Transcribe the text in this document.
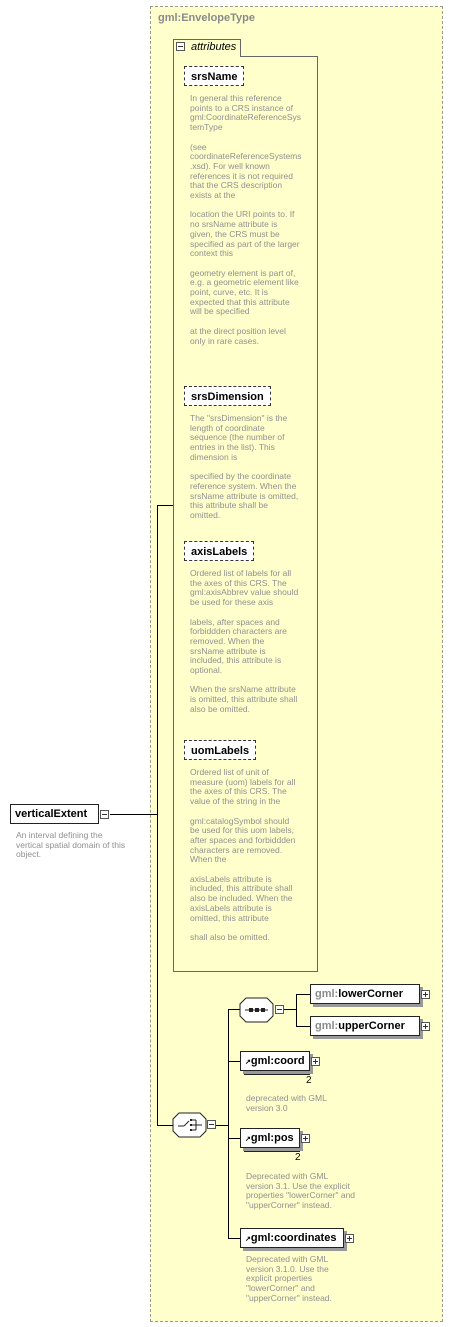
gml:EnvelopeType
attributes
srsName
In general this reference
points to a CRS instance of
gml:CoordinateReferenceSys
temType

(see
coordinateReferenceSystems
.xsd). For well known
references it is not required
that the CRS description
exists at the

location the URI points to. If
no srsName attribute is
given, the CRS must be
specified as part of the larger
context this

geometry element is part of,
e.g. a geometric element like
point, curve, etc. It is
expected that this attribute
will be specified

at the direct position level
only in rare cases.
srsDimension
The "srsDimension" is the
length of coordinate
sequence (the number of
entries in the list). This
dimension is

specified by the coordinate
reference system. When the
srsName attribute is omitted,
this attribute shall be
omitted.
axisLabels
Ordered list of labels for all
the axes of this CRS. The
gml:axisAbbrev value should
be used for these axis

labels, after spaces and
forbiddden characters are
removed. When the
srsName attribute is
included, this attribute is
optional.

When the srsName attribute
is omitted, this attribute shall
also be omitted.
uomLabels
Ordered list of unit of
measure (uom) labels for all
the axes of this CRS. The
value of the string in the

gml:catalogSymbol should
be used for this uom labels,
after spaces and forbiddden
characters are removed.
When the

axisLabels attribute is
included, this attribute shall
also be included. When the
axisLabels attribute is
omitted, this attribute

shall also be omitted.
verticalExtent
An interval defining the
vertical spatial domain of this
object.
gml:lowerCorner
gml:upperCorner
↗gml:coord
2
deprecated with GML
version 3.0
↗gml:pos
2
Deprecated with GML
version 3.1. Use the explicit
properties "lowerCorner" and
"upperCorner" instead.
↗gml:coordinates
Deprecated with GML
version 3.1.0. Use the
explicit properties
"lowerCorner" and
"upperCorner" instead.
